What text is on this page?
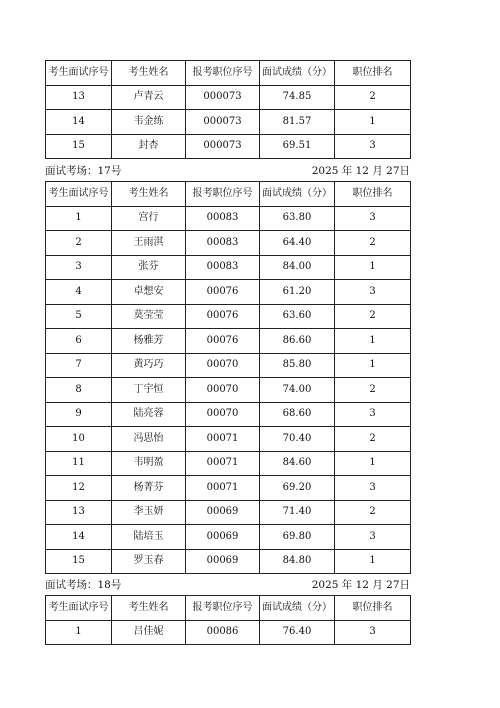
考生面试序号	考生姓名	报考职位序号	面试成绩（分）	职位排名
13	卢青云	000073	74.85	2
14	韦金练	000073	81.57	1
15	封杏	000073	69.51	3
面试考场：17号	2025 年 12 月 27日
考生面试序号	考生姓名	报考职位序号	面试成绩（分）	职位排名
1	宫行	00083	63.80	3
2	王雨淇	00083	64.40	2
3	张芬	00083	84.00	1
4	卓想安	00076	61.20	3
5	莫莹莹	00076	63.60	2
6	杨雅芳	00076	86.60	1
7	黄巧巧	00070	85.80	1
8	丁宇恒	00070	74.00	2
9	陆亮蓉	00070	68.60	3
10	冯思怡	00071	70.40	2
11	韦明盈	00071	84.60	1
12	杨菁芬	00071	69.20	3
13	李玉妍	00069	71.40	2
14	陆培玉	00069	69.80	3
15	罗玉春	00069	84.80	1
面试考场：18号	2025 年 12 月 27日
考生面试序号	考生姓名	报考职位序号	面试成绩（分）	职位排名
1	吕佳妮	00086	76.40	3
